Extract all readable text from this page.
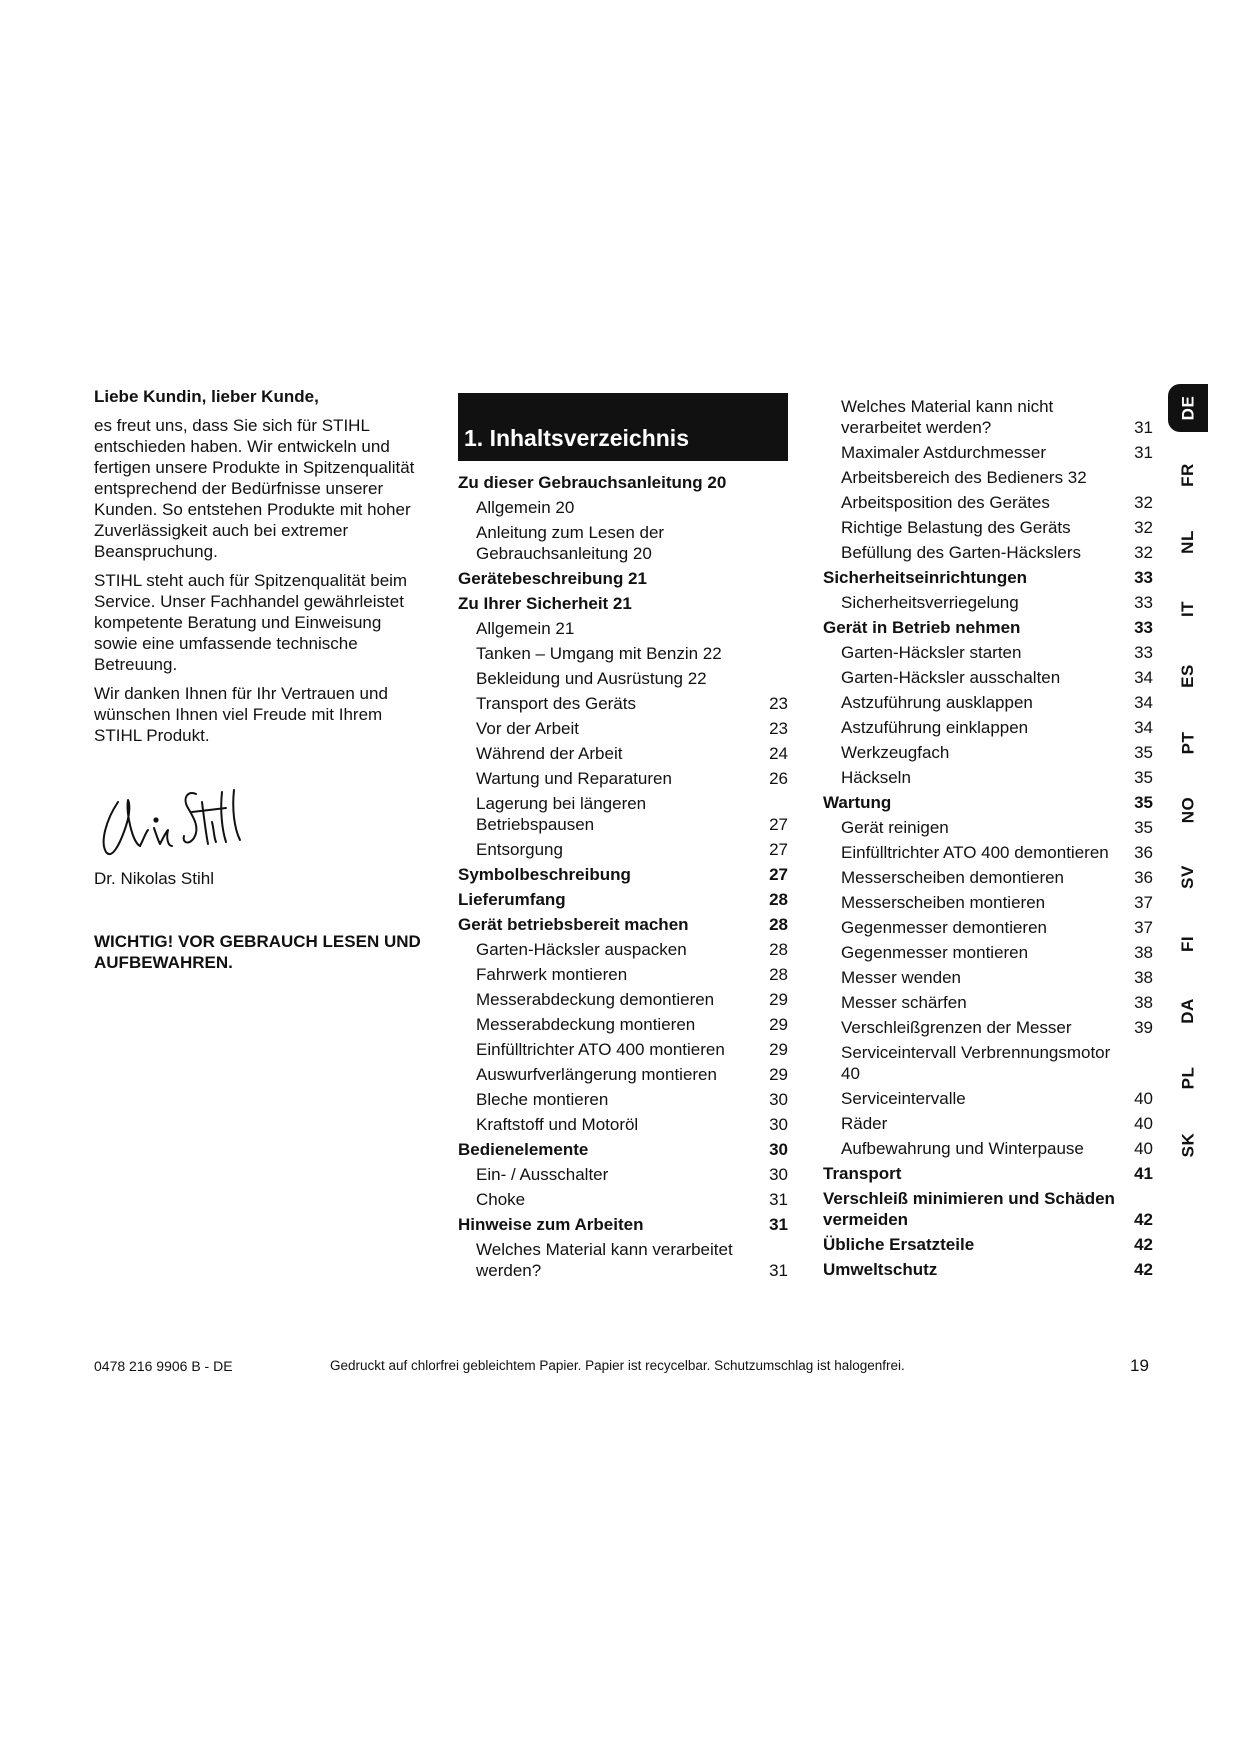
Liebe Kundin, lieber Kunde,

es freut uns, dass Sie sich für STIHL entschieden haben. Wir entwickeln und fertigen unsere Produkte in Spitzenqualität entsprechend der Bedürfnisse unserer Kunden. So entstehen Produkte mit hoher Zuverlässigkeit auch bei extremer Beanspruchung.

STIHL steht auch für Spitzenqualität beim Service. Unser Fachhandel gewährleistet kompetente Beratung und Einweisung sowie eine umfassende technische Betreuung.

Wir danken Ihnen für Ihr Vertrauen und wünschen Ihnen viel Freude mit Ihrem STIHL Produkt.

Dr. Nikolas Stihl

WICHTIG! VOR GEBRAUCH LESEN UND AUFBEWAHREN.

1. Inhaltsverzeichnis
Zu dieser Gebrauchsanleitung 20
Allgemein 20
Anleitung zum Lesen der Gebrauchsanleitung 20
Gerätebeschreibung 21
Zu Ihrer Sicherheit 21
Allgemein 21
Tanken – Umgang mit Benzin 22
Bekleidung und Ausrüstung 22
Transport des Geräts	23
Vor der Arbeit	23
Während der Arbeit	24
Wartung und Reparaturen	26
Lagerung bei längeren Betriebspausen	27
Entsorgung	27
Symbolbeschreibung	27
Lieferumfang	28
Gerät betriebsbereit machen	28
Garten-Häcksler auspacken	28
Fahrwerk montieren	28
Messerabdeckung demontieren	29
Messerabdeckung montieren	29
Einfülltrichter ATO 400 montieren	29
Auswurfverlängerung montieren	29
Bleche montieren	30
Kraftstoff und Motoröl	30
Bedienelemente	30
Ein- / Ausschalter	30
Choke	31
Hinweise zum Arbeiten	31
Welches Material kann verarbeitet werden?	31
Welches Material kann nicht verarbeitet werden?	31
Maximaler Astdurchmesser	31
Arbeitsbereich des Bedieners 32
Arbeitsposition des Gerätes	32
Richtige Belastung des Geräts	32
Befüllung des Garten-Häckslers	32
Sicherheitseinrichtungen	33
Sicherheitsverriegelung	33
Gerät in Betrieb nehmen	33
Garten-Häcksler starten	33
Garten-Häcksler ausschalten	34
Astzuführung ausklappen	34
Astzuführung einklappen	34
Werkzeugfach	35
Häckseln	35
Wartung	35
Gerät reinigen	35
Einfülltrichter ATO 400 demontieren	36
Messerscheiben demontieren	36
Messerscheiben montieren	37
Gegenmesser demontieren	37
Gegenmesser montieren	38
Messer wenden	38
Messer schärfen	38
Verschleißgrenzen der Messer	39
Serviceintervall Verbrennungsmotor 40
Serviceintervalle	40
Räder	40
Aufbewahrung und Winterpause	40
Transport	41
Verschleiß minimieren und Schäden vermeiden	42
Übliche Ersatzteile	42
Umweltschutz	42
DE
FR
NL
IT
ES
PT
NO
SV
FI
DA
PL
SK
0478 216 9906 B - DE	Gedruckt auf chlorfrei gebleichtem Papier. Papier ist recycelbar. Schutzumschlag ist halogenfrei.	19
